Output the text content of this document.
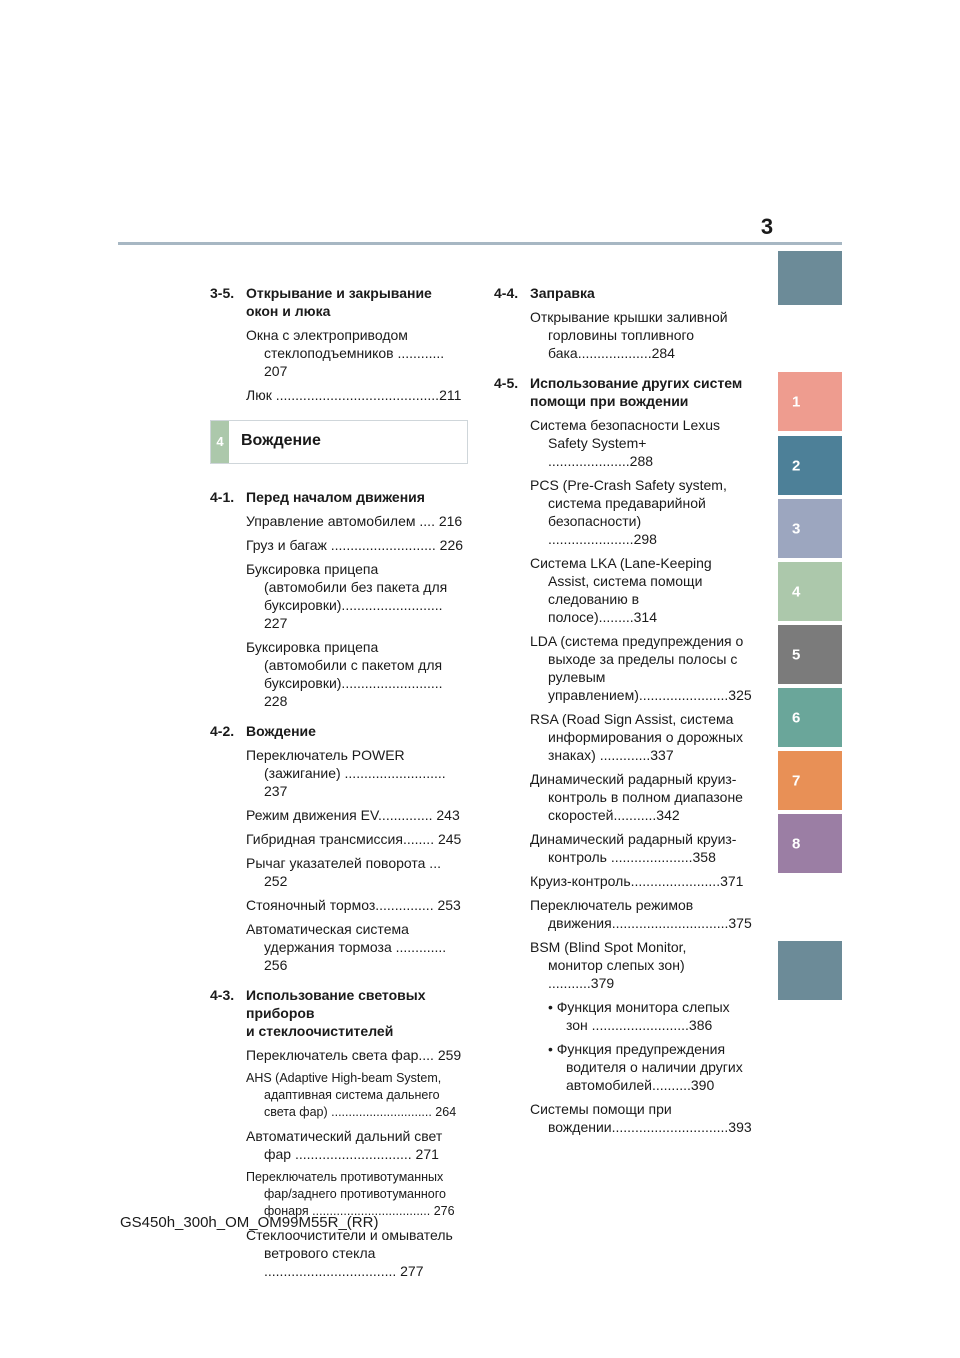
3
1
2
3
4
5
6
7
8
3-5. Открывание и закрывание окон и люка
Окна с электроприводом стеклоподъемников ............ 207
Люк ..........................................211
4	Вождение
4-1. Перед началом движения
Управление автомобилем .... 216
Груз и багаж ........................... 226
Буксировка прицепа (автомобили без пакета для буксировки).......................... 227
Буксировка прицепа (автомобили с пакетом для буксировки).......................... 228
4-2. Вождение
Переключатель POWER (зажигание) .......................... 237
Режим движения EV.............. 243
Гибридная трансмиссия........ 245
Рычаг указателей поворота ... 252
Стояночный тормоз............... 253
Автоматическая система удержания тормоза ............. 256
4-3. Использование световых приборов
и стеклоочистителей
Переключатель света фар.... 259
AHS (Adaptive High-beam System, адаптивная система дальнего света фар) ............................. 264
Автоматический дальний свет фар .............................. 271
Переключатель противотуманных фар/заднего противотуманного фонаря .................................. 276
Стеклоочистители и омыватель ветрового стекла .................................. 277
4-4. Заправка
Открывание крышки заливной горловины топливного бака...................284
4-5. Использование других систем помощи при вождении
Система безопасности Lexus Safety System+ .....................288
PCS (Pre-Crash Safety system, система предаварийной безопасности) ......................298
Система LKA (Lane-Keeping Assist, система помощи следованию в полосе).........314
LDA (система предупреждения о выходе за пределы полосы с рулевым управлением).......................325
RSA (Road Sign Assist, система информирования о дорожных знаках) .............337
Динамический радарный круиз-контроль в полном диапазоне скоростей...........342
Динамический радарный круиз-контроль .....................358
Круиз-контроль.......................371
Переключатель режимов движения..............................375
BSM (Blind Spot Monitor, монитор слепых зон) ...........379
• Функция монитора слепых зон .........................386
• Функция предупреждения водителя о наличии других автомобилей..........390
Системы помощи при вождении..............................393
GS450h_300h_OM_OM99M55R_(RR)
